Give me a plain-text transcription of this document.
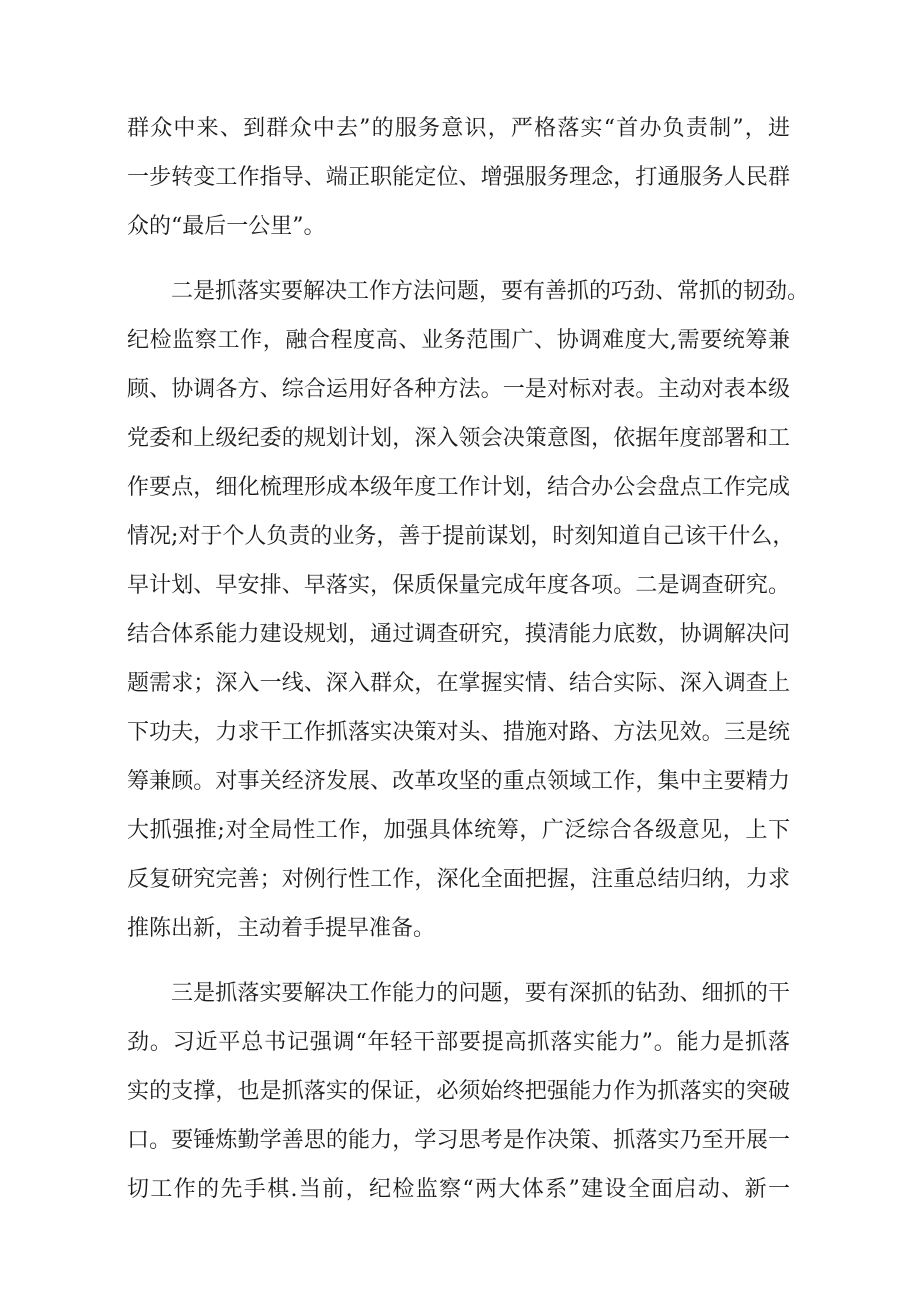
群众中来、到群众中去”的服务意识，严格落实“首办负责制”，进
一步转变工作指导、端正职能定位、增强服务理念，打通服务人民群
众的“最后一公里”。
二是抓落实要解决工作方法问题，要有善抓的巧劲、常抓的韧劲。
纪检监察工作，融合程度高、业务范围广、协调难度大,需要统筹兼
顾、协调各方、综合运用好各种方法。一是对标对表。主动对表本级
党委和上级纪委的规划计划，深入领会决策意图，依据年度部署和工
作要点，细化梳理形成本级年度工作计划，结合办公会盘点工作完成
情况;对于个人负责的业务，善于提前谋划，时刻知道自己该干什么，
早计划、早安排、早落实，保质保量完成年度各项。二是调查研究。
结合体系能力建设规划，通过调查研究，摸清能力底数，协调解决问
题需求；深入一线、深入群众，在掌握实情、结合实际、深入调查上
下功夫，力求干工作抓落实决策对头、措施对路、方法见效。三是统
筹兼顾。对事关经济发展、改革攻坚的重点领域工作，集中主要精力
大抓强推;对全局性工作，加强具体统筹，广泛综合各级意见，上下
反复研究完善；对例行性工作，深化全面把握，注重总结归纳，力求
推陈出新，主动着手提早准备。
三是抓落实要解决工作能力的问题，要有深抓的钻劲、细抓的干
劲。习近平总书记强调“年轻干部要提高抓落实能力”。能力是抓落
实的支撑，也是抓落实的保证，必须始终把强能力作为抓落实的突破
口。要锤炼勤学善思的能力，学习思考是作决策、抓落实乃至开展一
切工作的先手棋.当前，纪检监察“两大体系”建设全面启动、新一
